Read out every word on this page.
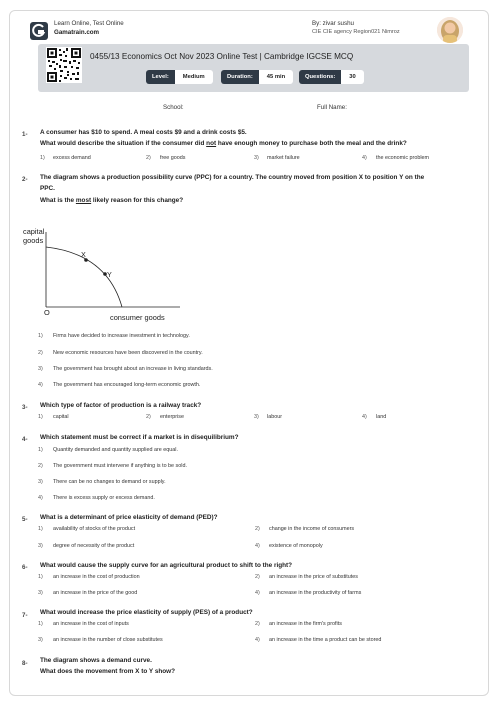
Learn Online, Test Online
Gamatrain.com
By: zivar sushu
CIE CIE agency Region021 Nimroz
0455/13 Economics Oct Nov 2023 Online Test | Cambridge IGCSE MCQ
Level:	Medium	Duration:	45 min	Questions:	30
School:	Full Name:
1- A consumer has $10 to spend. A meal costs $9 and a drink costs $5.
What would describe the situation if the consumer did not have enough money to purchase both the meal and the drink?
1) excess demand	2) free goods	3) market failure	4) the economic problem
2- The diagram shows a production possibility curve (PPC) for a country. The country moved from position X to position Y on the
PPC.
What is the most likely reason for this change?
capital
goods
X
Y
O
consumer goods
1) Firms have decided to increase investment in technology.
2) New economic resources have been discovered in the country.
3) The government has brought about an increase in living standards.
4) The government has encouraged long-term economic growth.
3- Which type of factor of production is a railway track?
1) capital	2) enterprise	3) labour	4) land
4- Which statement must be correct if a market is in disequilibrium?
1) Quantity demanded and quantity supplied are equal.
2) The government must intervene if anything is to be sold.
3) There can be no changes to demand or supply.
4) There is excess supply or excess demand.
5- What is a determinant of price elasticity of demand (PED)?
1) availability of stocks of the product	2) change in the income of consumers
3) degree of necessity of the product	4) existence of monopoly
6- What would cause the supply curve for an agricultural product to shift to the right?
1) an increase in the cost of production	2) an increase in the price of substitutes
3) an increase in the price of the good	4) an increase in the productivity of farms
7- What would increase the price elasticity of supply (PES) of a product?
1) an increase in the cost of inputs	2) an increase in the firm's profits
3) an increase in the number of close substitutes	4) an increase in the time a product can be stored
8- The diagram shows a demand curve.
What does the movement from X to Y show?
